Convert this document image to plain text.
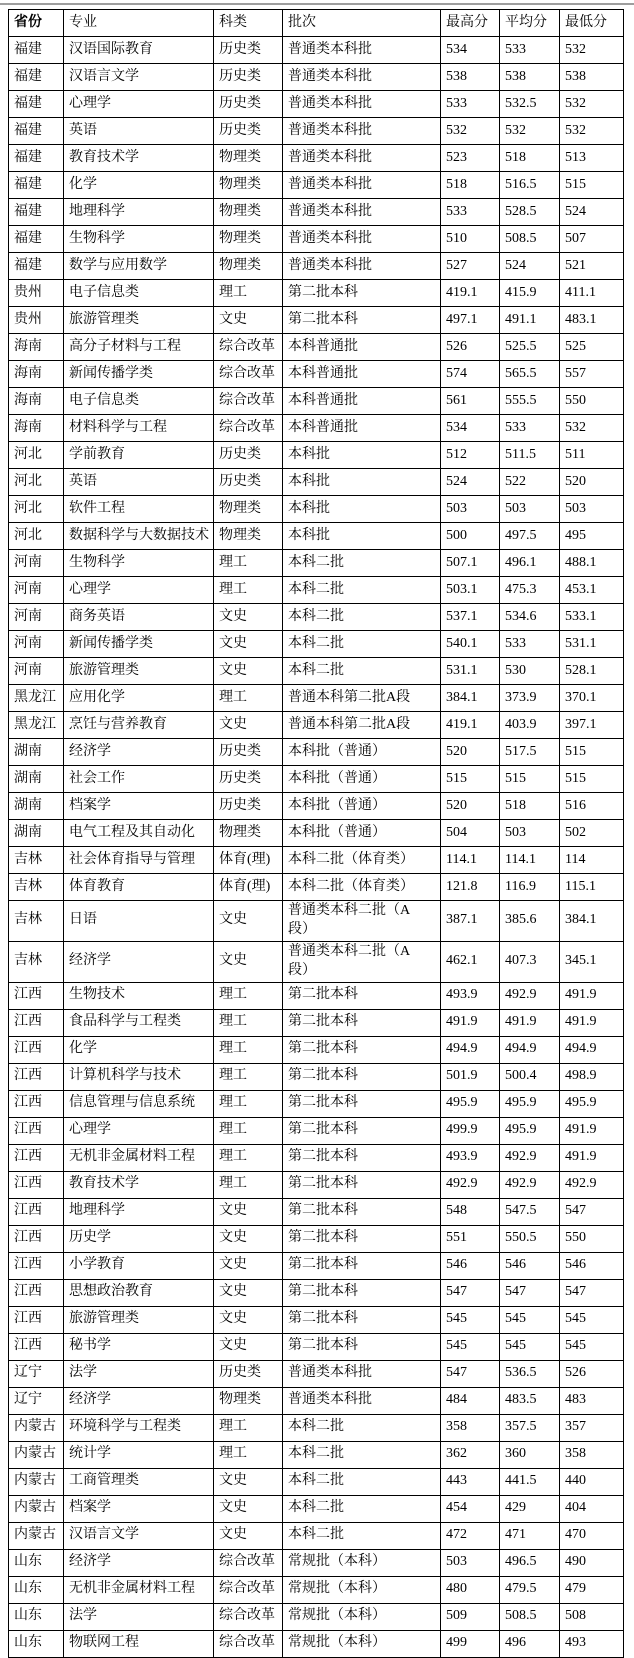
省份	专业	科类	批次	最高分	平均分	最低分
福建	汉语国际教育	历史类	普通类本科批	534	533	532
福建	汉语言文学	历史类	普通类本科批	538	538	538
福建	心理学	历史类	普通类本科批	533	532.5	532
福建	英语	历史类	普通类本科批	532	532	532
福建	教育技术学	物理类	普通类本科批	523	518	513
福建	化学	物理类	普通类本科批	518	516.5	515
福建	地理科学	物理类	普通类本科批	533	528.5	524
福建	生物科学	物理类	普通类本科批	510	508.5	507
福建	数学与应用数学	物理类	普通类本科批	527	524	521
贵州	电子信息类	理工	第二批本科	419.1	415.9	411.1
贵州	旅游管理类	文史	第二批本科	497.1	491.1	483.1
海南	高分子材料与工程	综合改革	本科普通批	526	525.5	525
海南	新闻传播学类	综合改革	本科普通批	574	565.5	557
海南	电子信息类	综合改革	本科普通批	561	555.5	550
海南	材料科学与工程	综合改革	本科普通批	534	533	532
河北	学前教育	历史类	本科批	512	511.5	511
河北	英语	历史类	本科批	524	522	520
河北	软件工程	物理类	本科批	503	503	503
河北	数据科学与大数据技术	物理类	本科批	500	497.5	495
河南	生物科学	理工	本科二批	507.1	496.1	488.1
河南	心理学	理工	本科二批	503.1	475.3	453.1
河南	商务英语	文史	本科二批	537.1	534.6	533.1
河南	新闻传播学类	文史	本科二批	540.1	533	531.1
河南	旅游管理类	文史	本科二批	531.1	530	528.1
黑龙江	应用化学	理工	普通本科第二批A段	384.1	373.9	370.1
黑龙江	烹饪与营养教育	文史	普通本科第二批A段	419.1	403.9	397.1
湖南	经济学	历史类	本科批（普通）	520	517.5	515
湖南	社会工作	历史类	本科批（普通）	515	515	515
湖南	档案学	历史类	本科批（普通）	520	518	516
湖南	电气工程及其自动化	物理类	本科批（普通）	504	503	502
吉林	社会体育指导与管理	体育(理)	本科二批（体育类）	114.1	114.1	114
吉林	体育教育	体育(理)	本科二批（体育类）	121.8	116.9	115.1
吉林	日语	文史	普通类本科二批（A段）	387.1	385.6	384.1
吉林	经济学	文史	普通类本科二批（A段）	462.1	407.3	345.1
江西	生物技术	理工	第二批本科	493.9	492.9	491.9
江西	食品科学与工程类	理工	第二批本科	491.9	491.9	491.9
江西	化学	理工	第二批本科	494.9	494.9	494.9
江西	计算机科学与技术	理工	第二批本科	501.9	500.4	498.9
江西	信息管理与信息系统	理工	第二批本科	495.9	495.9	495.9
江西	心理学	理工	第二批本科	499.9	495.9	491.9
江西	无机非金属材料工程	理工	第二批本科	493.9	492.9	491.9
江西	教育技术学	理工	第二批本科	492.9	492.9	492.9
江西	地理科学	文史	第二批本科	548	547.5	547
江西	历史学	文史	第二批本科	551	550.5	550
江西	小学教育	文史	第二批本科	546	546	546
江西	思想政治教育	文史	第二批本科	547	547	547
江西	旅游管理类	文史	第二批本科	545	545	545
江西	秘书学	文史	第二批本科	545	545	545
辽宁	法学	历史类	普通类本科批	547	536.5	526
辽宁	经济学	物理类	普通类本科批	484	483.5	483
内蒙古	环境科学与工程类	理工	本科二批	358	357.5	357
内蒙古	统计学	理工	本科二批	362	360	358
内蒙古	工商管理类	文史	本科二批	443	441.5	440
内蒙古	档案学	文史	本科二批	454	429	404
内蒙古	汉语言文学	文史	本科二批	472	471	470
山东	经济学	综合改革	常规批（本科）	503	496.5	490
山东	无机非金属材料工程	综合改革	常规批（本科）	480	479.5	479
山东	法学	综合改革	常规批（本科）	509	508.5	508
山东	物联网工程	综合改革	常规批（本科）	499	496	493
